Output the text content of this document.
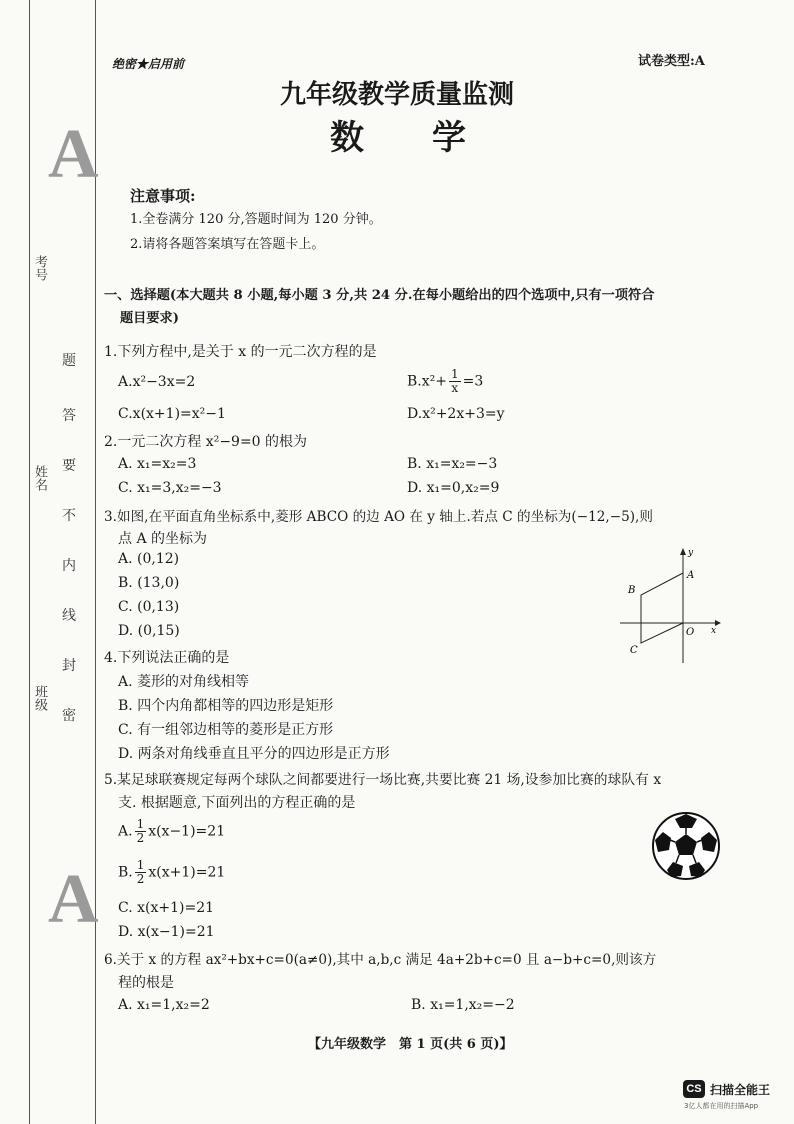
A
A
考号
姓名
班级
题
答
要
不
内
线
封
密
绝密★启用前	试卷类型:A
九年级教学质量监测
数　　学
注意事项:
1.全卷满分 120 分,答题时间为 120 分钟。
2.请将各题答案填写在答题卡上。
一、选择题(本大题共 8 小题,每小题 3 分,共 24 分.在每小题给出的四个选项中,只有一项符合
题目要求)
1.下列方程中,是关于 x 的一元二次方程的是
A.x²−3x=2	$B.x^2+ \frac{1}{x} =3$
C.x(x+1)=x²−1	D.x²+2x+3=y
2.一元二次方程 x²−9=0 的根为
A. x₁=x₂=3	B. x₁=x₂=−3
C. x₁=3,x₂=−3	D. x₁=0,x₂=9
3.如图,在平面直角坐标系中,菱形 ABCO 的边 AO 在 y 轴上.若点 C 的坐标为(−12,−5),则
点 A 的坐标为
A. (0,12)
B. (13,0)
C. (0,13)
D. (0,15)
y
x
A
B
C
O
4.下列说法正确的是
A. 菱形的对角线相等
B. 四个内角都相等的四边形是矩形
C. 有一组邻边相等的菱形是正方形
D. 两条对角线垂直且平分的四边形是正方形
5.某足球联赛规定每两个球队之间都要进行一场比赛,共要比赛 21 场,设参加比赛的球队有 x
支. 根据题意,下面列出的方程正确的是
A. $\frac{1}{2} x(x-1)=21$
B. $\frac{1}{2} x(x+1)=21$
C. x(x+1)=21
D. x(x−1)=21
6.关于 x 的方程 ax²+bx+c=0(a≠0),其中 a,b,c 满足 4a+2b+c=0 且 a−b+c=0,则该方
程的根是
A. x₁=1,x₂=2	B. x₁=1,x₂=−2
【九年级数学　第 1 页(共 6 页)】
CS 扫描全能王
3亿人都在用的扫描App
